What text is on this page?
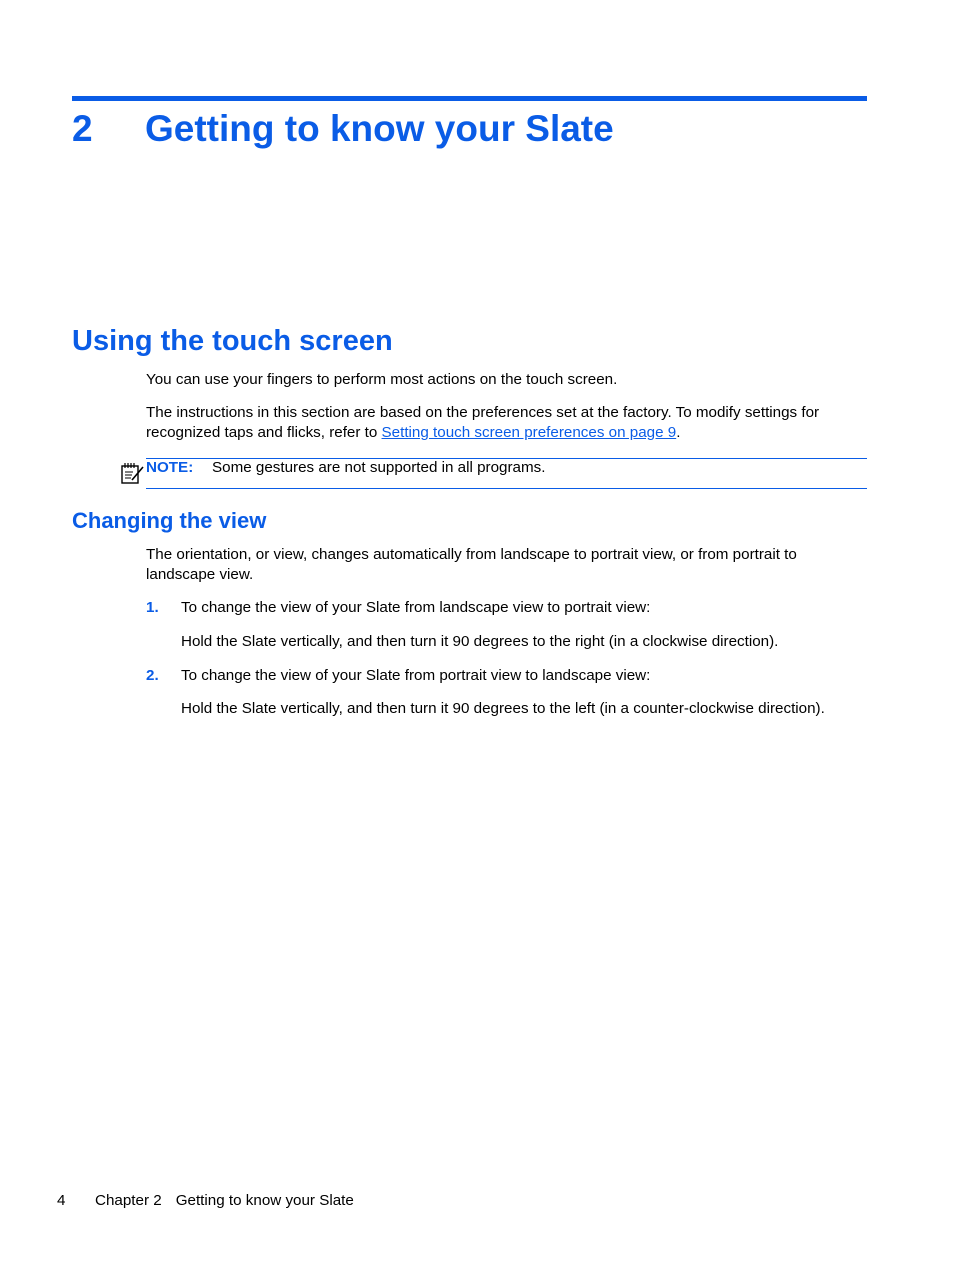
2 Getting to know your Slate
Using the touch screen
You can use your fingers to perform most actions on the touch screen.
The instructions in this section are based on the preferences set at the factory. To modify settings for
recognized taps and flicks, refer to Setting touch screen preferences on page 9.
NOTE: Some gestures are not supported in all programs.
Changing the view
The orientation, or view, changes automatically from landscape to portrait view, or from portrait to
landscape view.
1. To change the view of your Slate from landscape view to portrait view:
Hold the Slate vertically, and then turn it 90 degrees to the right (in a clockwise direction).
2. To change the view of your Slate from portrait view to landscape view:
Hold the Slate vertically, and then turn it 90 degrees to the left (in a counter-clockwise direction).
4 Chapter 2 Getting to know your Slate
